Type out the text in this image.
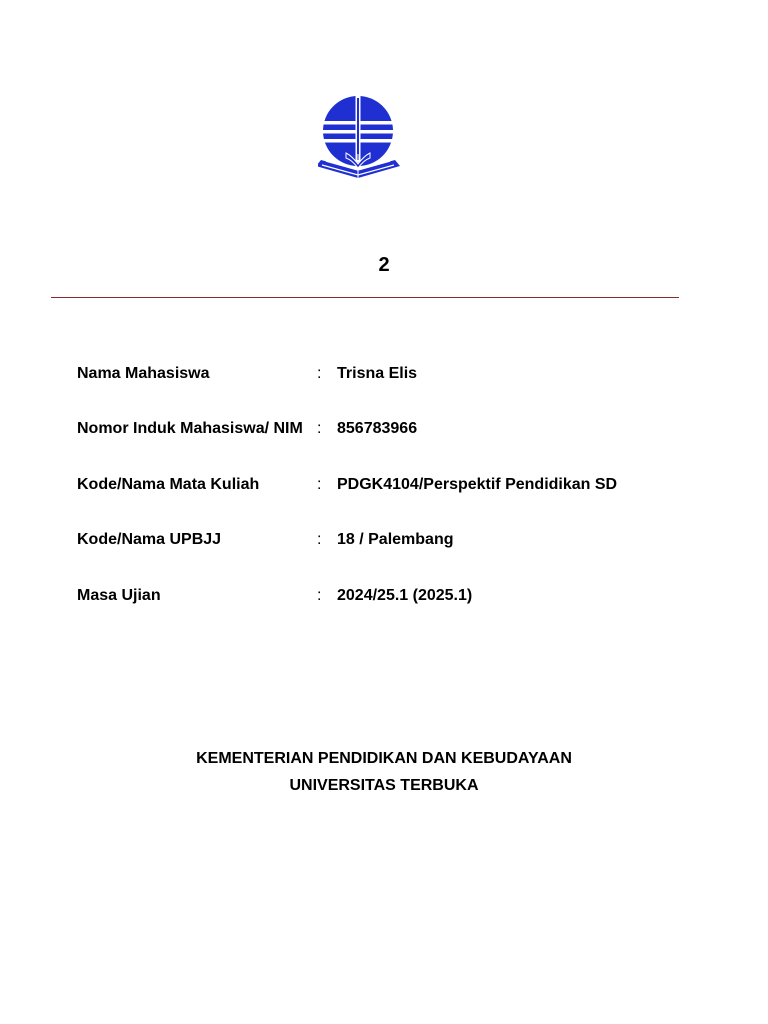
2
Nama Mahasiswa	: Trisna Elis
Nomor Induk Mahasiswa/ NIM : 856783966
Kode/Nama Mata Kuliah	: PDGK4104/Perspektif Pendidikan SD
Kode/Nama UPBJJ	: 18 / Palembang
Masa Ujian	: 2024/25.1 (2025.1)
KEMENTERIAN PENDIDIKAN DAN KEBUDAYAAN
UNIVERSITAS TERBUKA
